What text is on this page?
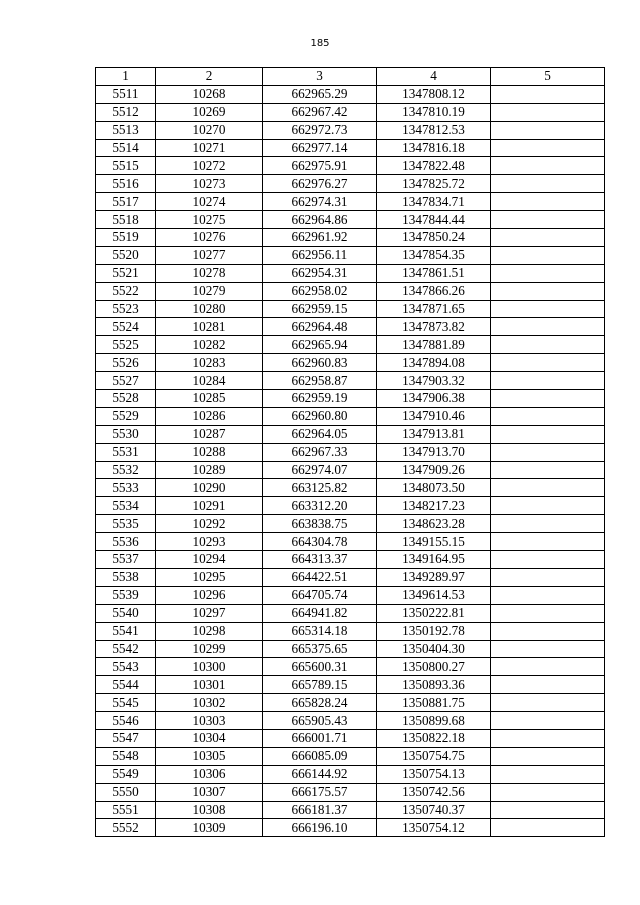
185
1	2	3	4	5
5511	10268	662965.29	1347808.12	
5512	10269	662967.42	1347810.19	
5513	10270	662972.73	1347812.53	
5514	10271	662977.14	1347816.18	
5515	10272	662975.91	1347822.48	
5516	10273	662976.27	1347825.72	
5517	10274	662974.31	1347834.71	
5518	10275	662964.86	1347844.44	
5519	10276	662961.92	1347850.24	
5520	10277	662956.11	1347854.35	
5521	10278	662954.31	1347861.51	
5522	10279	662958.02	1347866.26	
5523	10280	662959.15	1347871.65	
5524	10281	662964.48	1347873.82	
5525	10282	662965.94	1347881.89	
5526	10283	662960.83	1347894.08	
5527	10284	662958.87	1347903.32	
5528	10285	662959.19	1347906.38	
5529	10286	662960.80	1347910.46	
5530	10287	662964.05	1347913.81	
5531	10288	662967.33	1347913.70	
5532	10289	662974.07	1347909.26	
5533	10290	663125.82	1348073.50	
5534	10291	663312.20	1348217.23	
5535	10292	663838.75	1348623.28	
5536	10293	664304.78	1349155.15	
5537	10294	664313.37	1349164.95	
5538	10295	664422.51	1349289.97	
5539	10296	664705.74	1349614.53	
5540	10297	664941.82	1350222.81	
5541	10298	665314.18	1350192.78	
5542	10299	665375.65	1350404.30	
5543	10300	665600.31	1350800.27	
5544	10301	665789.15	1350893.36	
5545	10302	665828.24	1350881.75	
5546	10303	665905.43	1350899.68	
5547	10304	666001.71	1350822.18	
5548	10305	666085.09	1350754.75	
5549	10306	666144.92	1350754.13	
5550	10307	666175.57	1350742.56	
5551	10308	666181.37	1350740.37	
5552	10309	666196.10	1350754.12	
